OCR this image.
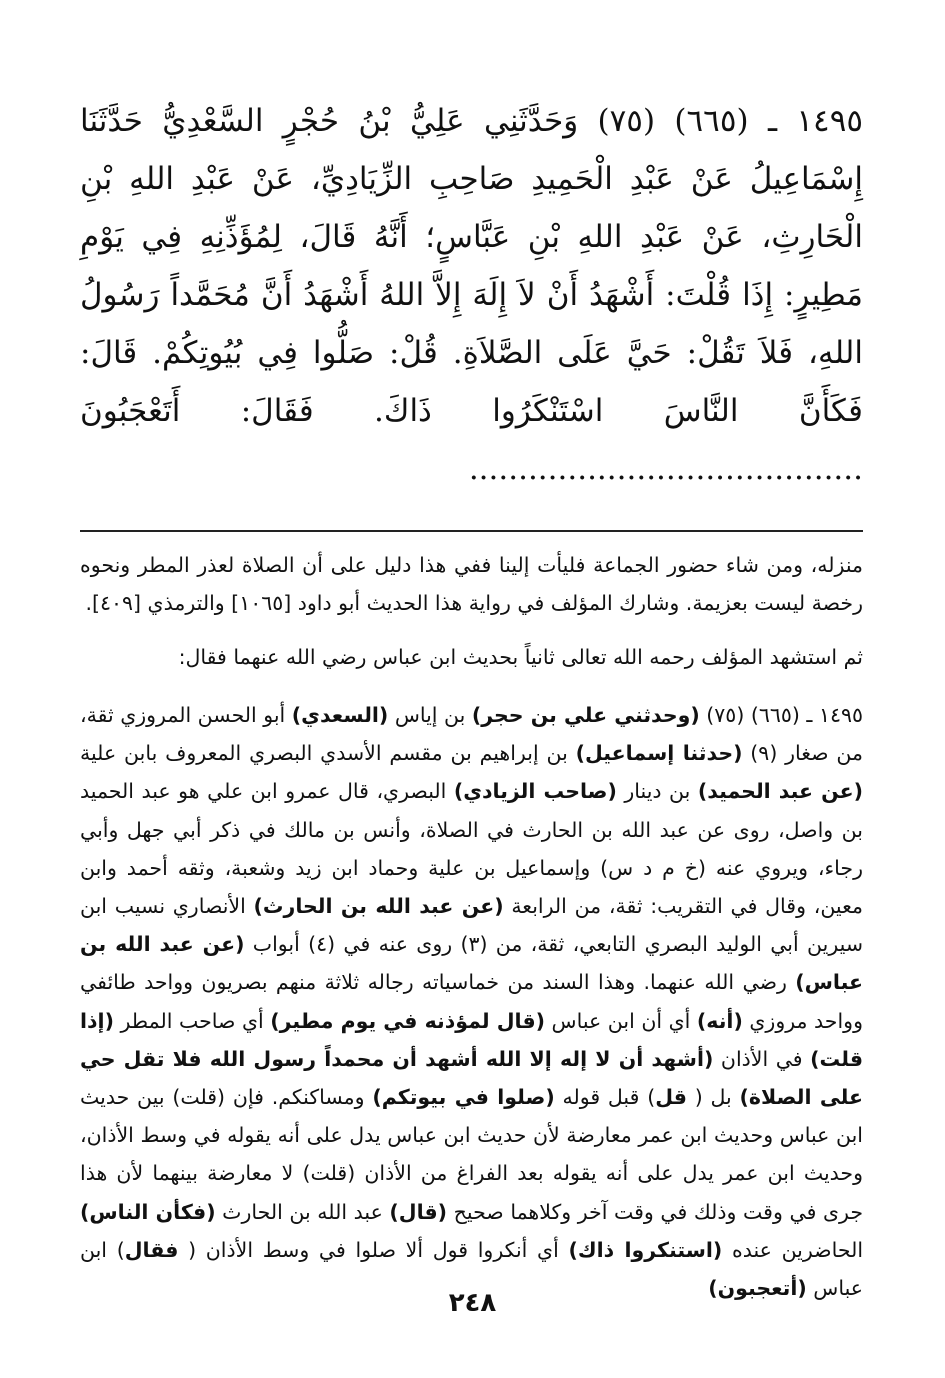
١٤٩٥ ـ (٦٦٥) (٧٥) وَحَدَّثَنِي عَلِيُّ بْنُ حُجْرٍ السَّعْدِيُّ حَدَّثَنَا إِسْمَاعِيلُ عَنْ عَبْدِ الْحَمِيدِ صَاحِبِ الزِّيَادِيِّ، عَنْ عَبْدِ اللهِ بْنِ الْحَارِثِ، عَنْ عَبْدِ اللهِ بْنِ عَبَّاسٍ؛ أَنَّهُ قَالَ، لِمُؤَذِّنِهِ فِي يَوْمِ مَطِيرٍ: إِذَا قُلْتَ: أَشْهَدُ أَنْ لاَ إِلَهَ إِلاَّ اللهُ أَشْهَدُ أَنَّ مُحَمَّداً رَسُولُ اللهِ، فَلاَ تَقُلْ: حَيَّ عَلَى الصَّلاَةِ. قُلْ: صَلُّوا فِي بُيُوتِكُمْ. قَالَ: فَكَأَنَّ النَّاسَ اسْتَنْكَرُوا ذَاكَ. فَقَالَ: أَتَعْجَبُونَ ........................................

منزله، ومن شاء حضور الجماعة فليأت إلينا ففي هذا دليل على أن الصلاة لعذر المطر ونحوه رخصة ليست بعزيمة. وشارك المؤلف في رواية هذا الحديث أبو داود [١٠٦٥] والترمذي [٤٠٩].

ثم استشهد المؤلف رحمه الله تعالى ثانياً بحديث ابن عباس رضي الله عنهما فقال:

١٤٩٥ ـ (٦٦٥) (٧٥) (وحدثني علي بن حجر) بن إياس (السعدي) أبو الحسن المروزي ثقة، من صغار (٩) (حدثنا إسماعيل) بن إبراهيم بن مقسم الأسدي البصري المعروف بابن علية (عن عبد الحميد) بن دينار (صاحب الزيادي) البصري، قال عمرو ابن علي هو عبد الحميد بن واصل، روى عن عبد الله بن الحارث في الصلاة، وأنس بن مالك في ذكر أبي جهل وأبي رجاء، ويروي عنه (خ م د س) وإسماعيل بن علية وحماد ابن زيد وشعبة، وثقه أحمد وابن معين، وقال في التقريب: ثقة، من الرابعة (عن عبد الله بن الحارث) الأنصاري نسيب ابن سيرين أبي الوليد البصري التابعي، ثقة، من (٣) روى عنه في (٤) أبواب (عن عبد الله بن عباس) رضي الله عنهما. وهذا السند من خماسياته رجاله ثلاثة منهم بصريون وواحد طائفي وواحد مروزي (أنه) أي أن ابن عباس (قال لمؤذنه في يوم مطير) أي صاحب المطر (إذا قلت) في الأذان (أشهد أن لا إله إلا الله أشهد أن محمداً رسول الله فلا تقل حي على الصلاة) بل ( قل) قبل قوله (صلوا في بيوتكم) ومساكنكم. فإن (قلت) بين حديث ابن عباس وحديث ابن عمر معارضة لأن حديث ابن عباس يدل على أنه يقوله في وسط الأذان، وحديث ابن عمر يدل على أنه يقوله بعد الفراغ من الأذان (قلت) لا معارضة بينهما لأن هذا جرى في وقت وذلك في وقت آخر وكلاهما صحيح (قال) عبد الله بن الحارث (فكأن الناس) الحاضرين عنده (استنكروا ذاك) أي أنكروا قول ألا صلوا في وسط الأذان ( فقال) ابن عباس (أتعجبون)

٢٤٨
